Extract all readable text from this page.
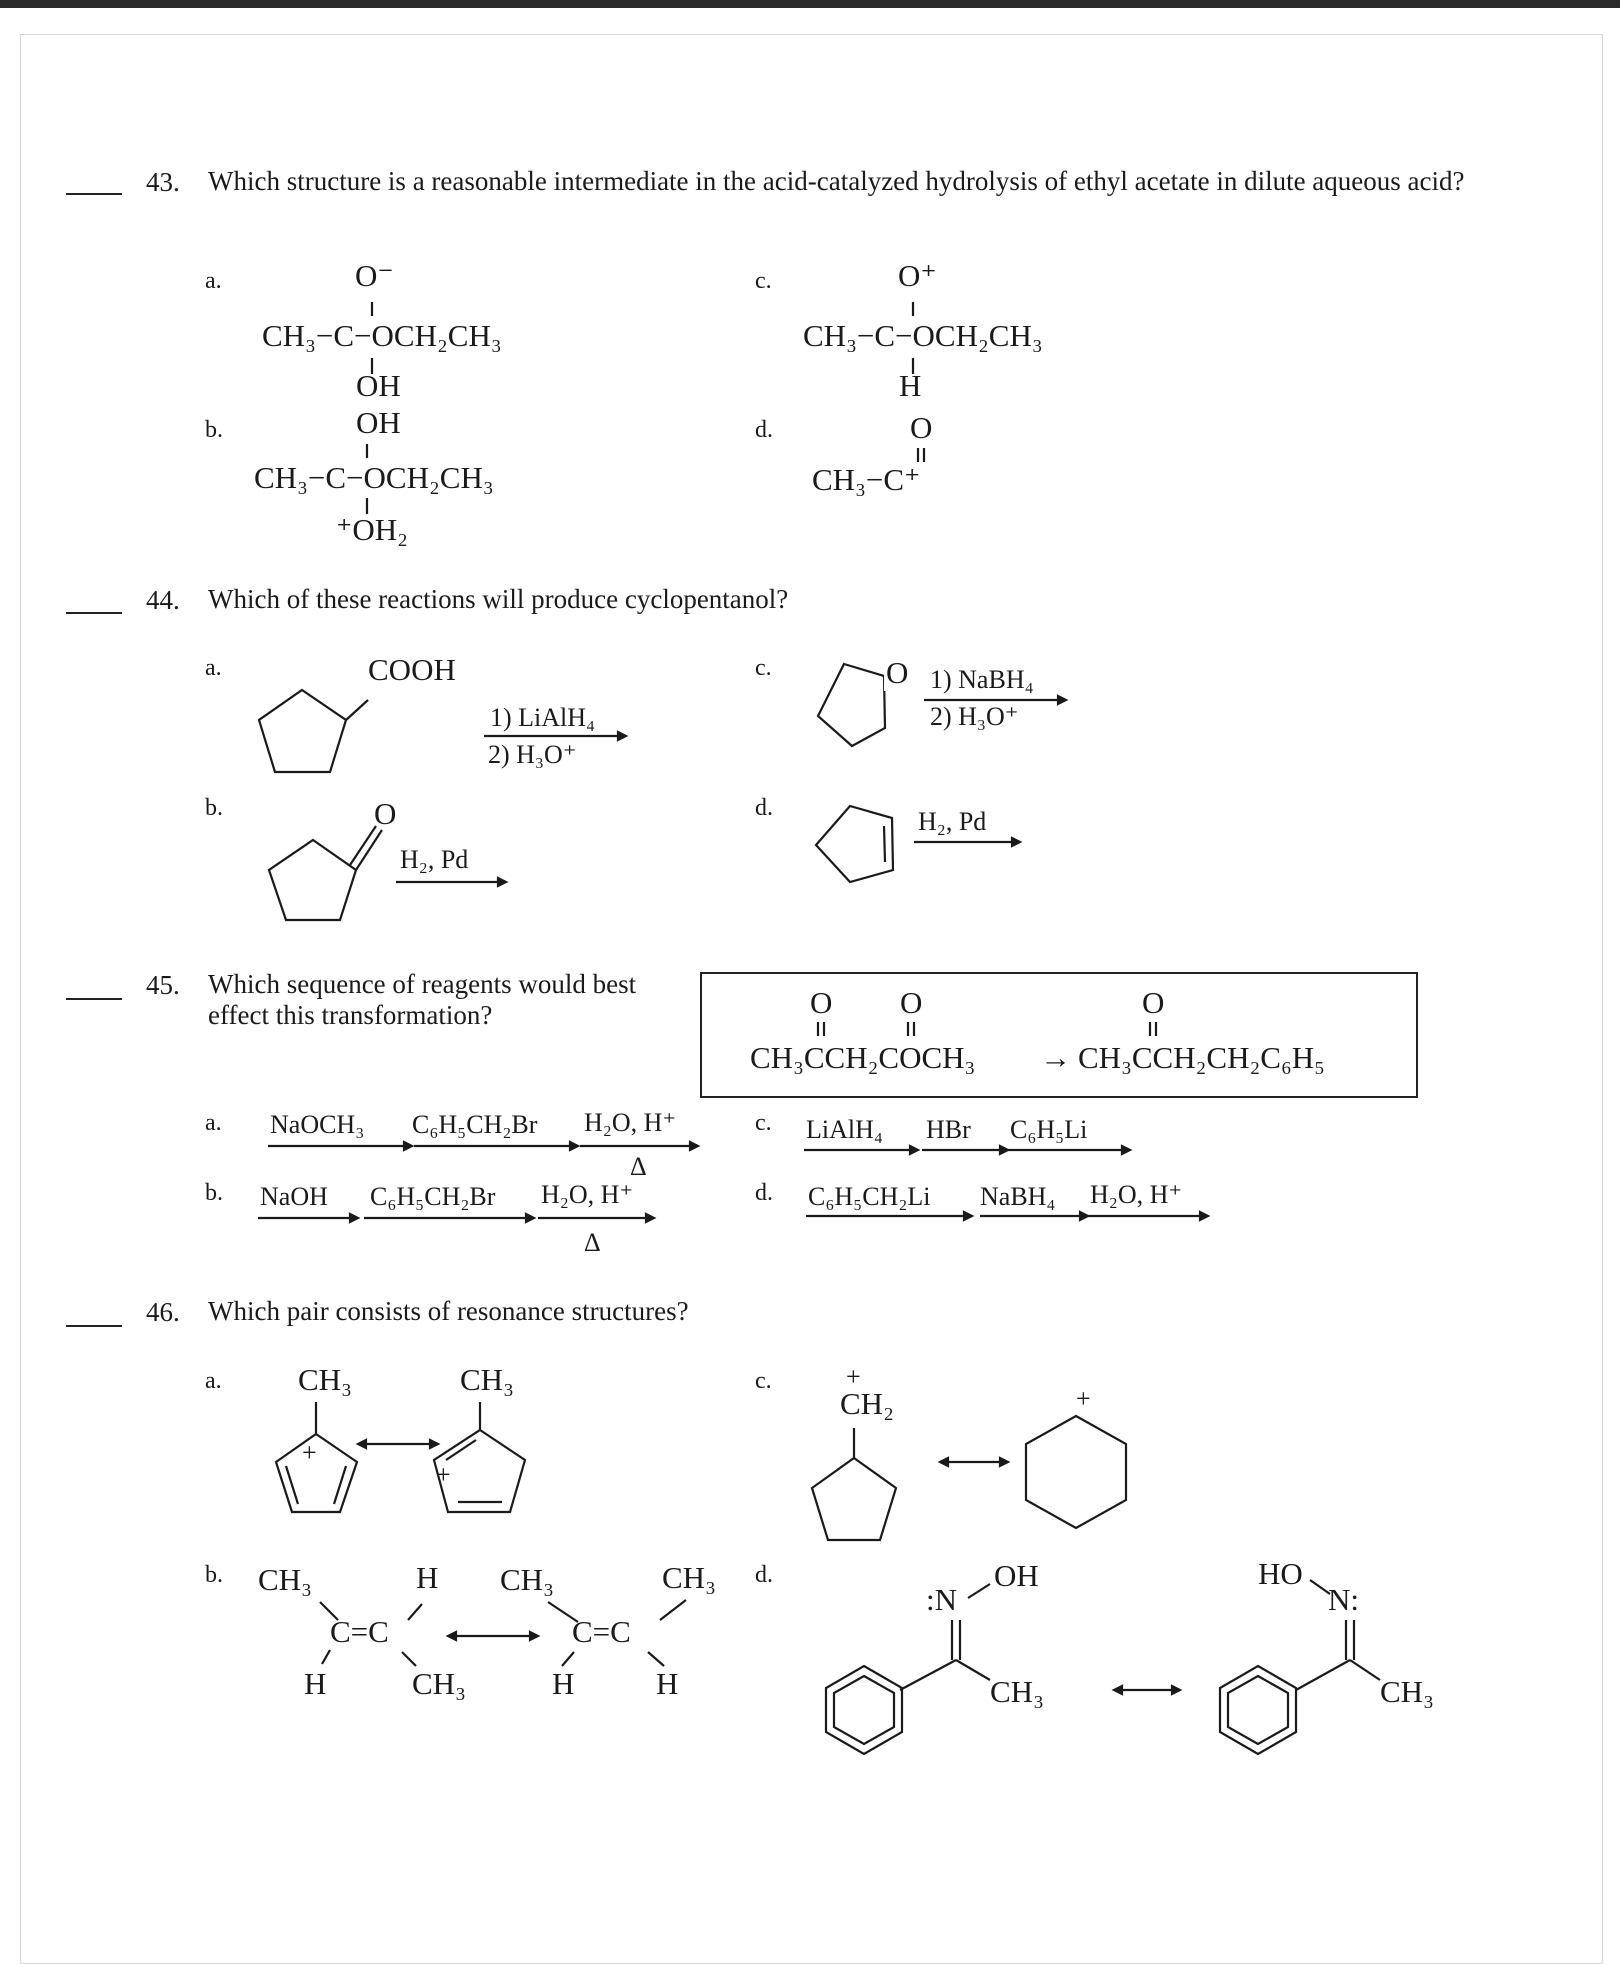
43. Which structure is a reasonable intermediate in the acid-catalyzed hydrolysis of ethyl acetate in dilute aqueous acid?
a.	O⁻
CH₃−C−OCH₂CH₃
OH
b.	OH
CH₃−C−OCH₂CH₃
⁺OH₂
c.	O⁺
CH₃−C−OCH₂CH₃
H
d.	O
CH₃−C⁺
44. Which of these reactions will produce cyclopentanol?
a.	COOH
1) LiAlH₄
2) H₃O⁺
b.	O
H₂, Pd
c.	O 1) NaBH₄
2) H₃O⁺
d.	H₂, Pd
45. Which sequence of reagents would best effect this transformation?	O O	O
CH₃CCH₂COCH₃ → CH₃CCH₂CH₂C₆H₅
a. NaOCH₃ C₆H₅CH₂Br H₂O, H⁺
Δ
b. NaOH C₆H₅CH₂Br H₂O, H⁺
Δ
c. LiAlH₄ HBr C₆H₅Li
d. C₆H₅CH₂Li NaBH₄ H₂O, H⁺
46. Which pair consists of resonance structures?
a. CH₃	CH₃
+
+
b. CH₃	H
C=C
H	CH₃
CH₃	CH₃
C=C
H	H
c.	+
CH₂	+
d.
:N
OH
CH₃
HO
N:
CH₃
